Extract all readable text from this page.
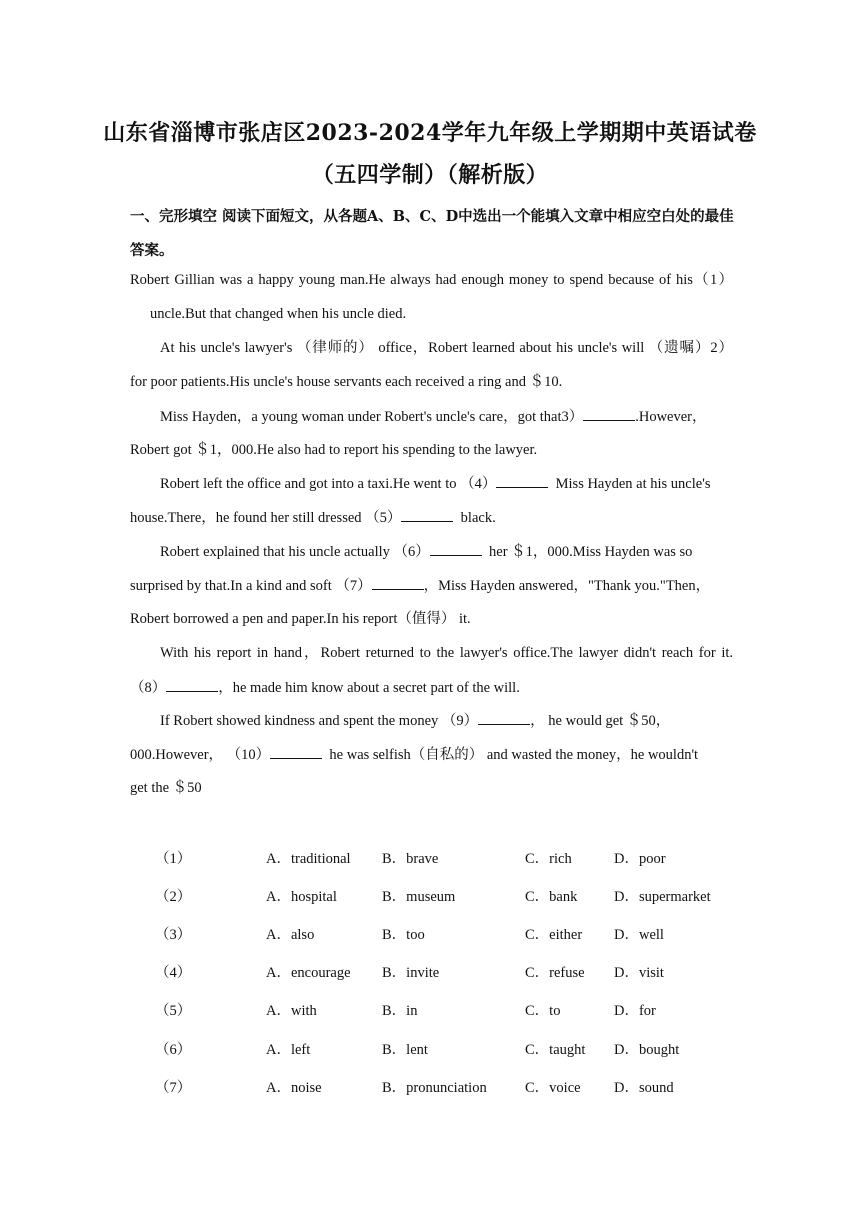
山东省淄博市张店区2023-2024学年九年级上学期期中英语试卷
（五四学制）（解析版）
一、完形填空 阅读下面短文，从各题A、B、C、D中选出一个能填入文章中相应空白处的最佳答案。
Robert Gillian was a happy young man.He always had enough money to spend because of his（1）
uncle.But that changed when his uncle died.
At his uncle's lawyer's （律师的） office，Robert learned about his uncle's will （遗嘱）2）
for poor patients.His uncle's house servants each received a ring and ＄10.
Miss Hayden，a young woman under Robert's uncle's care，got that3）	.However，
Robert got ＄1，000.He also had to report his spending to the lawyer.
Robert left the office and got into a taxi.He went to （4）	Miss Hayden at his uncle's
house.There，he found her still dressed （5）	black.
Robert explained that his uncle actually （6）	her ＄1，000.Miss Hayden was so
surprised by that.In a kind and soft （7）	，Miss Hayden answered，"Thank you."Then，
Robert borrowed a pen and paper.In his report（值得） it.
With his report in hand，Robert returned to the lawyer's office.The lawyer didn't reach for it.
（8）	，he made him know about a secret part of the will.
If Robert showed kindness and spent the money （9）	， he would get ＄50，
000.However， （10）	he was selfish（自私的） and wasted the money，he wouldn't
get the ＄50
（1）	A．traditional B．brave	C．rich	D．poor
（2）	A．hospital	B．museum	C．bank	D．supermarket
（3）	A．also	B．too	C．either D．well
（4）	A．encourage B．invite	C．refuse D．visit
（5）	A．with	B．in	C．to	D．for
（6）	A．left	B．lent	C．taught D．bought
（7）	A．noise	B．pronunciation	C．voice D．sound
